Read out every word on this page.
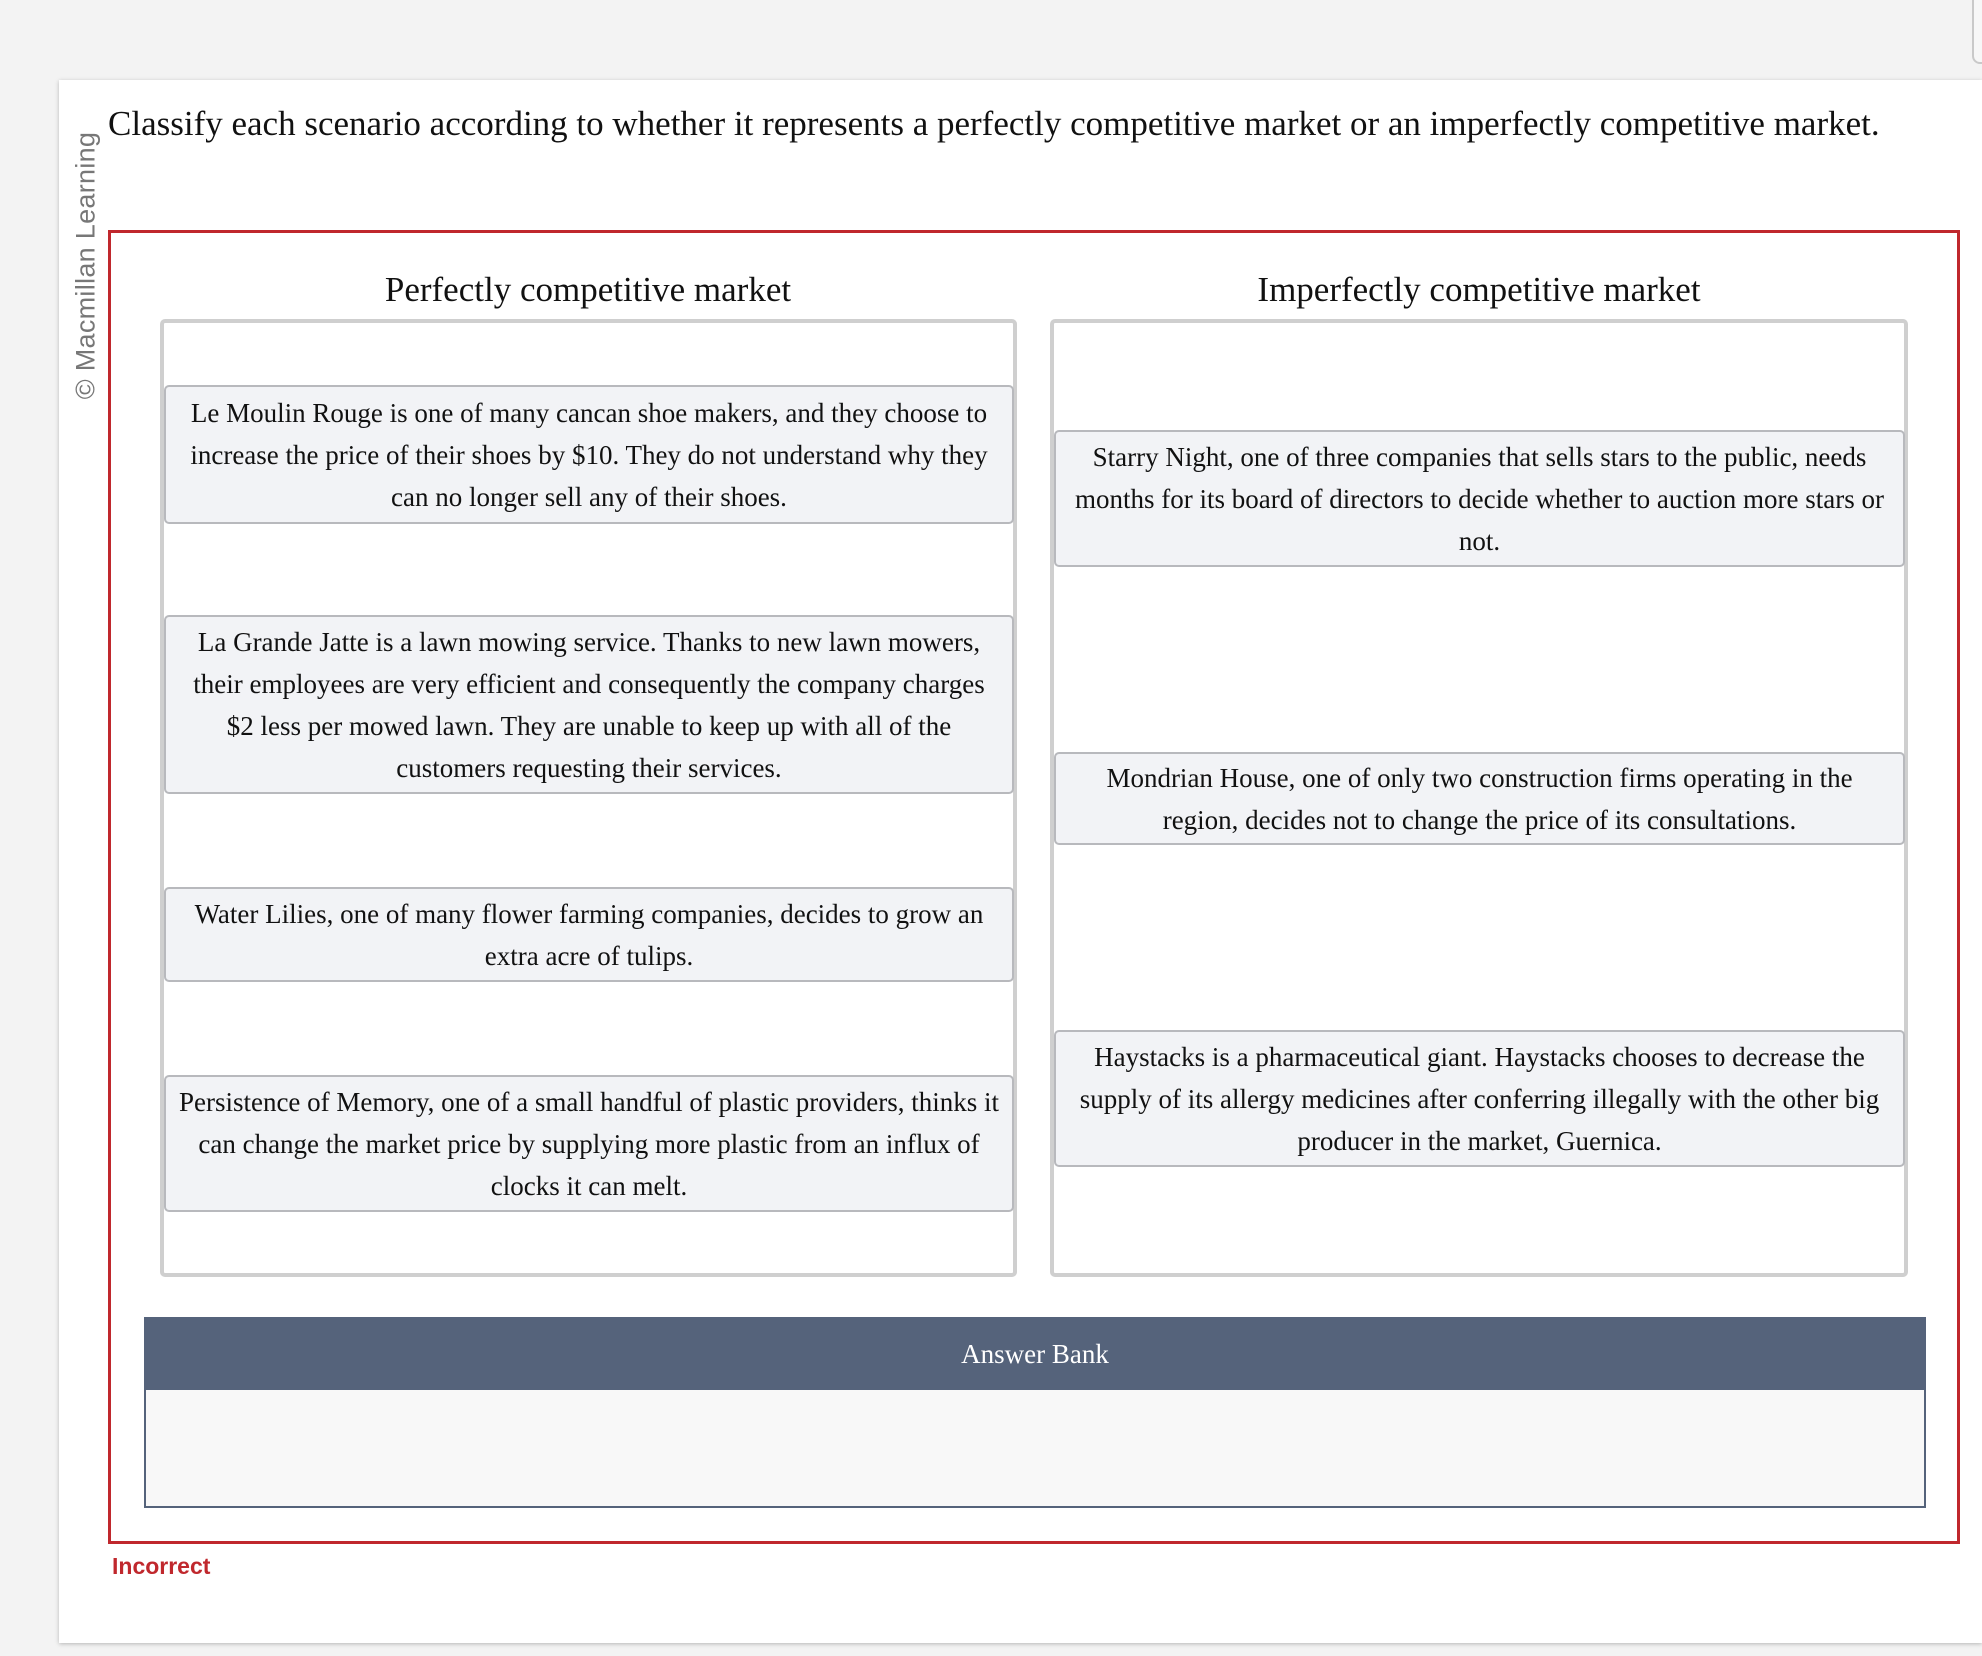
© Macmillan Learning
Classify each scenario according to whether it represents a perfectly competitive market or an imperfectly competitive market.
Perfectly competitive market	Imperfectly competitive market
Le Moulin Rouge is one of many cancan shoe makers, and they choose to increase the price of their shoes by $10. They do not understand why they can no longer sell any of their shoes.
La Grande Jatte is a lawn mowing service. Thanks to new lawn mowers, their employees are very efficient and consequently the company charges $2 less per mowed lawn. They are unable to keep up with all of the customers requesting their services.
Water Lilies, one of many flower farming companies, decides to grow an extra acre of tulips.
Persistence of Memory, one of a small handful of plastic providers, thinks it can change the market price by supplying more plastic from an influx of clocks it can melt.
Starry Night, one of three companies that sells stars to the public, needs months for its board of directors to decide whether to auction more stars or not.
Mondrian House, one of only two construction firms operating in the region, decides not to change the price of its consultations.
Haystacks is a pharmaceutical giant. Haystacks chooses to decrease the supply of its allergy medicines after conferring illegally with the other big producer in the market, Guernica.
Answer Bank
Incorrect
